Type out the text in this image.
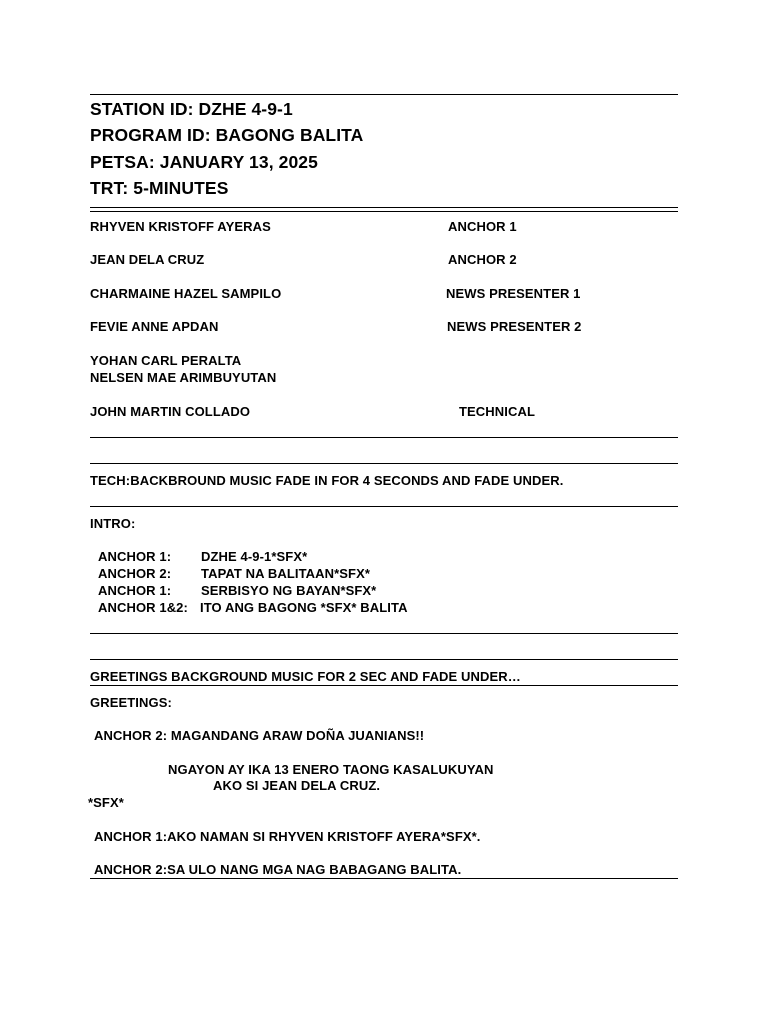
STATION ID: DZHE 4-9-1
PROGRAM ID: BAGONG BALITA
PETSA: JANUARY 13, 2025
TRT: 5-MINUTES
RHYVEN KRISTOFF AYERAS	ANCHOR 1
JEAN DELA CRUZ	ANCHOR 2
CHARMAINE HAZEL SAMPILO	NEWS PRESENTER 1
FEVIE ANNE APDAN	NEWS PRESENTER 2
YOHAN CARL PERALTA
NELSEN MAE ARIMBUYUTAN
JOHN MARTIN COLLADO	TECHNICAL
TECH:BACKBROUND MUSIC FADE IN FOR 4 SECONDS AND FADE UNDER.
INTRO:
ANCHOR 1: DZHE 4-9-1*SFX*
ANCHOR 2: TAPAT NA BALITAAN*SFX*
ANCHOR 1: SERBISYO NG BAYAN*SFX*
ANCHOR 1&2: ITO ANG BAGONG *SFX* BALITA
GREETINGS BACKGROUND MUSIC FOR 2 SEC AND FADE UNDER…
GREETINGS:
ANCHOR 2: MAGANDANG ARAW DOÑA JUANIANS!!
NGAYON AY IKA 13 ENERO TAONG KASALUKUYAN
AKO SI JEAN DELA CRUZ.
*SFX*
ANCHOR 1:AKO NAMAN SI RHYVEN KRISTOFF AYERA*SFX*.
ANCHOR 2:SA ULO NANG MGA NAG BABAGANG BALITA.
